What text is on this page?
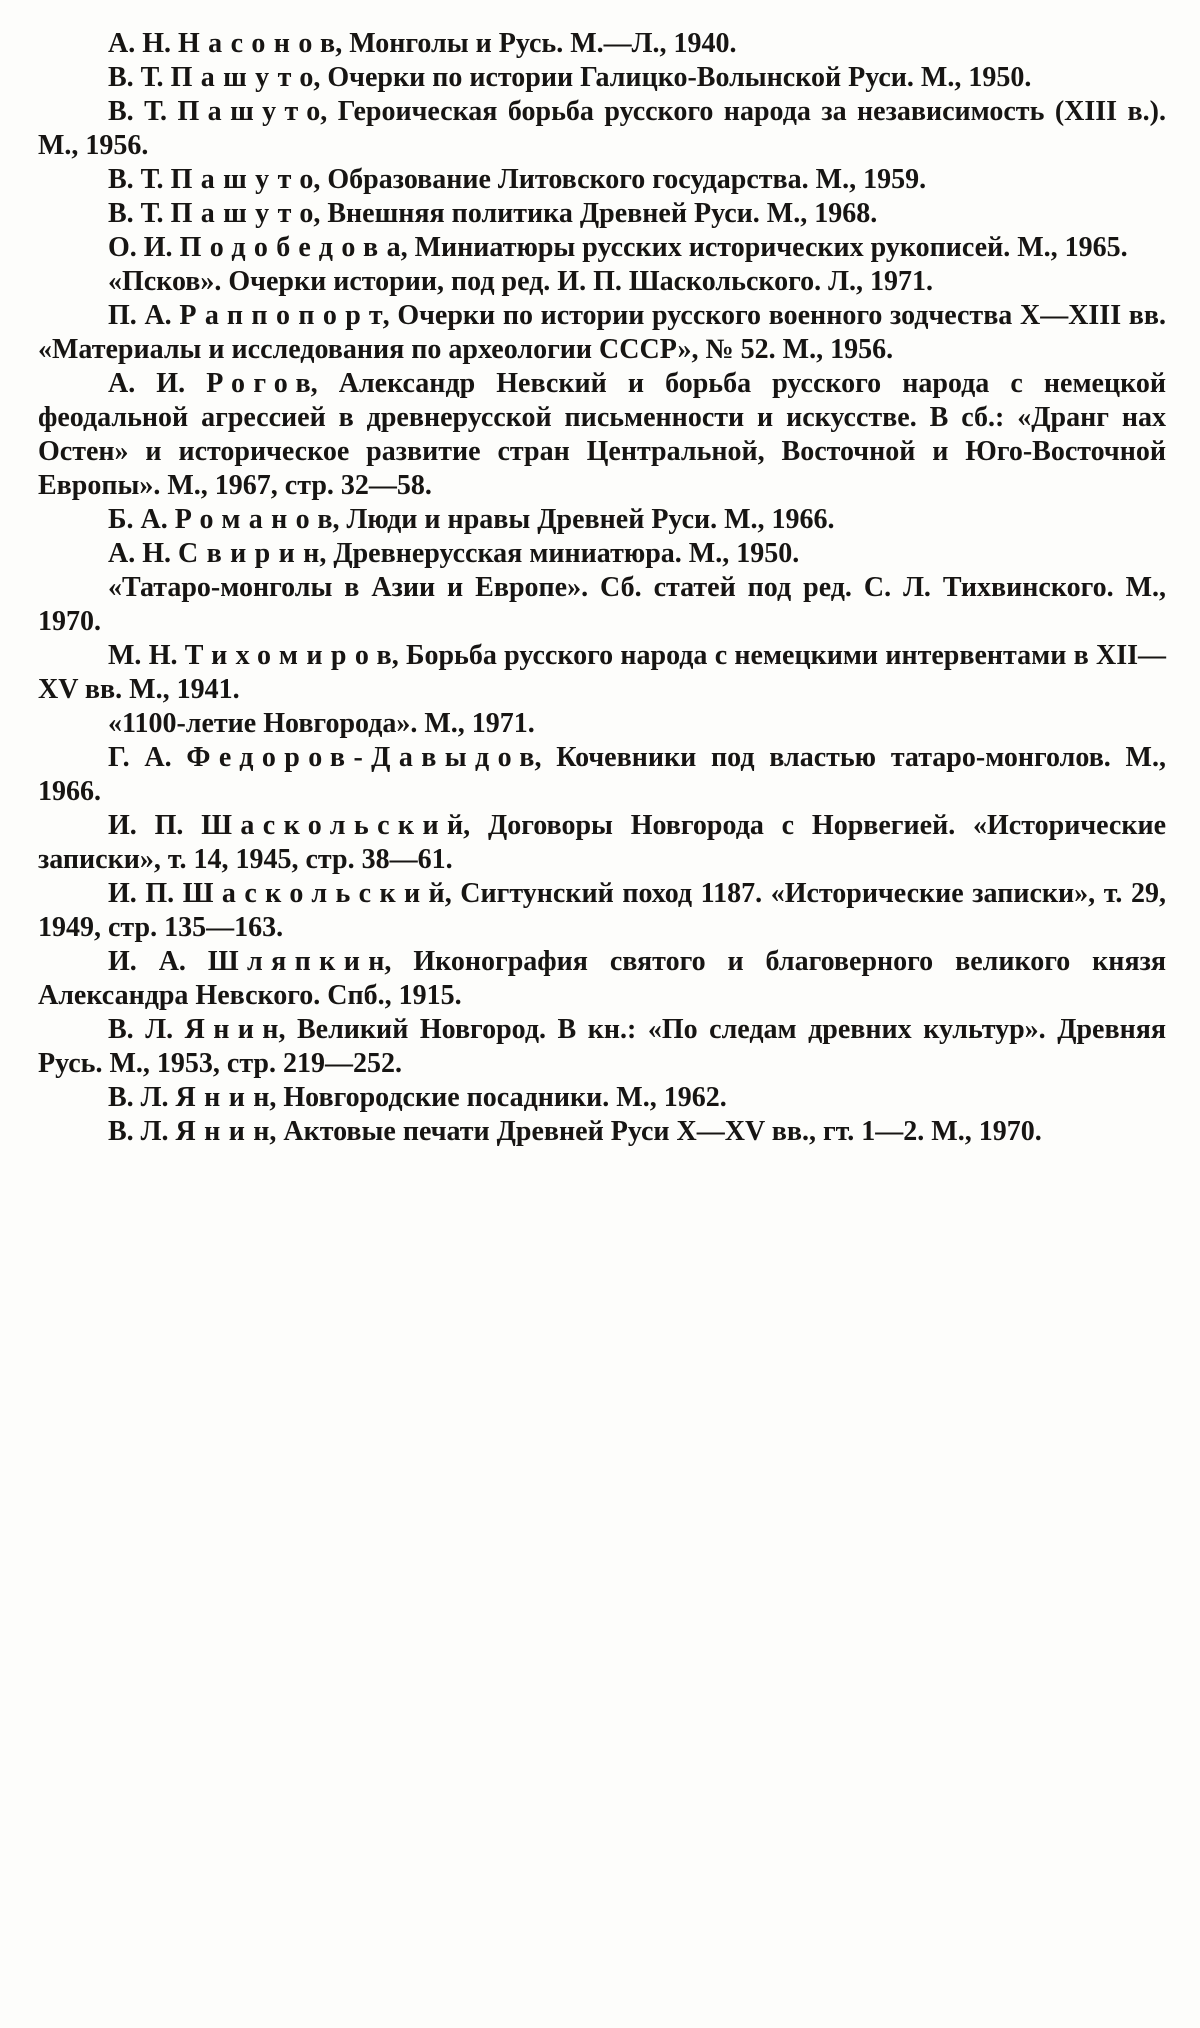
А. Н. Насонов, Монголы и Русь. М.—Л., 1940.

В. Т. Пашуто, Очерки по истории Галицко-Волынской Руси. М., 1950.

В. Т. Пашуто, Героическая борьба русского народа за независимость (XIII в.). М., 1956.

В. Т. Пашуто, Образование Литовского государства. М., 1959.

В. Т. Пашуто, Внешняя политика Древней Руси. М., 1968.

О. И. Подобедова, Миниатюры русских исторических рукописей. М., 1965.

«Псков». Очерки истории, под ред. И. П. Шаскольского. Л., 1971.

П. А. Раппопорт, Очерки по истории русского военного зодчества X—XIII вв. «Материалы и исследования по археологии СССР», № 52. М., 1956.

А. И. Рогов, Александр Невский и борьба русского народа с немецкой феодальной агрессией в древнерусской письменности и искусстве. В сб.: «Дранг нах Остен» и историческое развитие стран Центральной, Восточной и Юго-Восточной Европы». М., 1967, стр. 32—58.

Б. А. Романов, Люди и нравы Древней Руси. М., 1966.

А. Н. Свирин, Древнерусская миниатюра. М., 1950.

«Татаро-монголы в Азии и Европе». Сб. статей под ред. С. Л. Тихвинского. М., 1970.

М. Н. Тихомиров, Борьба русского народа с немецкими интервентами в XII—XV вв. М., 1941.

«1100-летие Новгорода». М., 1971.

Г. А. Федоров-Давыдов, Кочевники под властью татаро-монголов. М., 1966.

И. П. Шаскольский, Договоры Новгорода с Норвегией. «Исторические записки», т. 14, 1945, стр. 38—61.

И. П. Шаскольский, Сигтунский поход 1187. «Исторические записки», т. 29, 1949, стр. 135—163.

И. А. Шляпкин, Иконография святого и благоверного великого князя Александра Невского. Спб., 1915.

В. Л. Янин, Великий Новгород. В кн.: «По следам древних культур». Древняя Русь. М., 1953, стр. 219—252.

В. Л. Янин, Новгородские посадники. М., 1962.

В. Л. Янин, Актовые печати Древней Руси X—XV вв., гт. 1—2. М., 1970.
